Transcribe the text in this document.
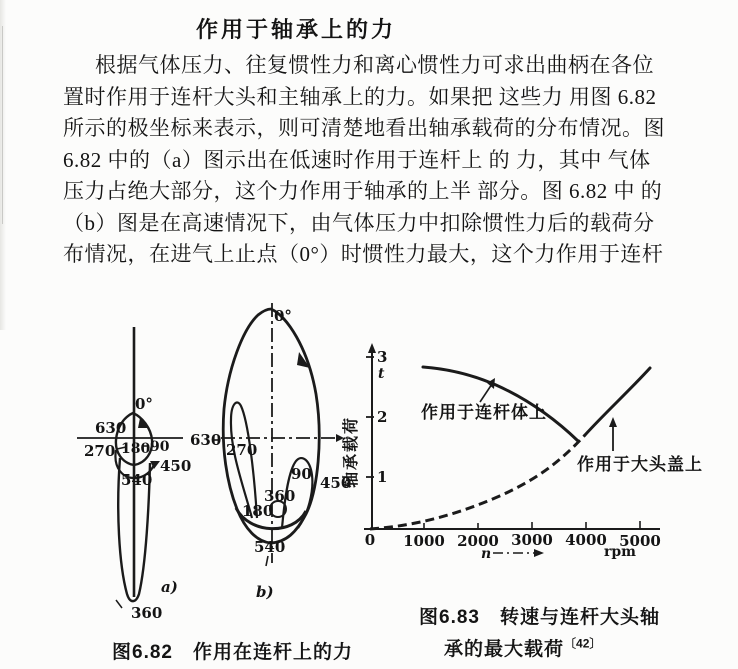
作用于轴承上的力
根据气体压力、往复惯性力和离心惯性力可求出曲柄在各位
置时作用于连杆大头和主轴承上的力。如果把 这些力 用图 6.82
所示的极坐标来表示，则可清楚地看出轴承载荷的分布情况。图
6.82 中的（a）图示出在低速时作用于连杆上 的 力，其中 气体
压力占绝大部分，这个力作用于轴承的上半 部分。图 6.82 中 的
（b）图是在高速情况下，由气体压力中扣除惯性力后的载荷分
布情况，在进气上止点（0°）时惯性力最大，这个力作用于连杆
0°
630
270 180 90
450
540
360
a)
0°
630
270
90 450
360
180
540
b)
3
t
2
1
轴承载荷
0 1000 2000 3000 4000 5000
n	rpm
作用于连杆体上
作用于大头盖上
图6.82　作用在连杆上的力
图6.83　转速与连杆大头轴
承的最大载荷$^{〔42〕}$
